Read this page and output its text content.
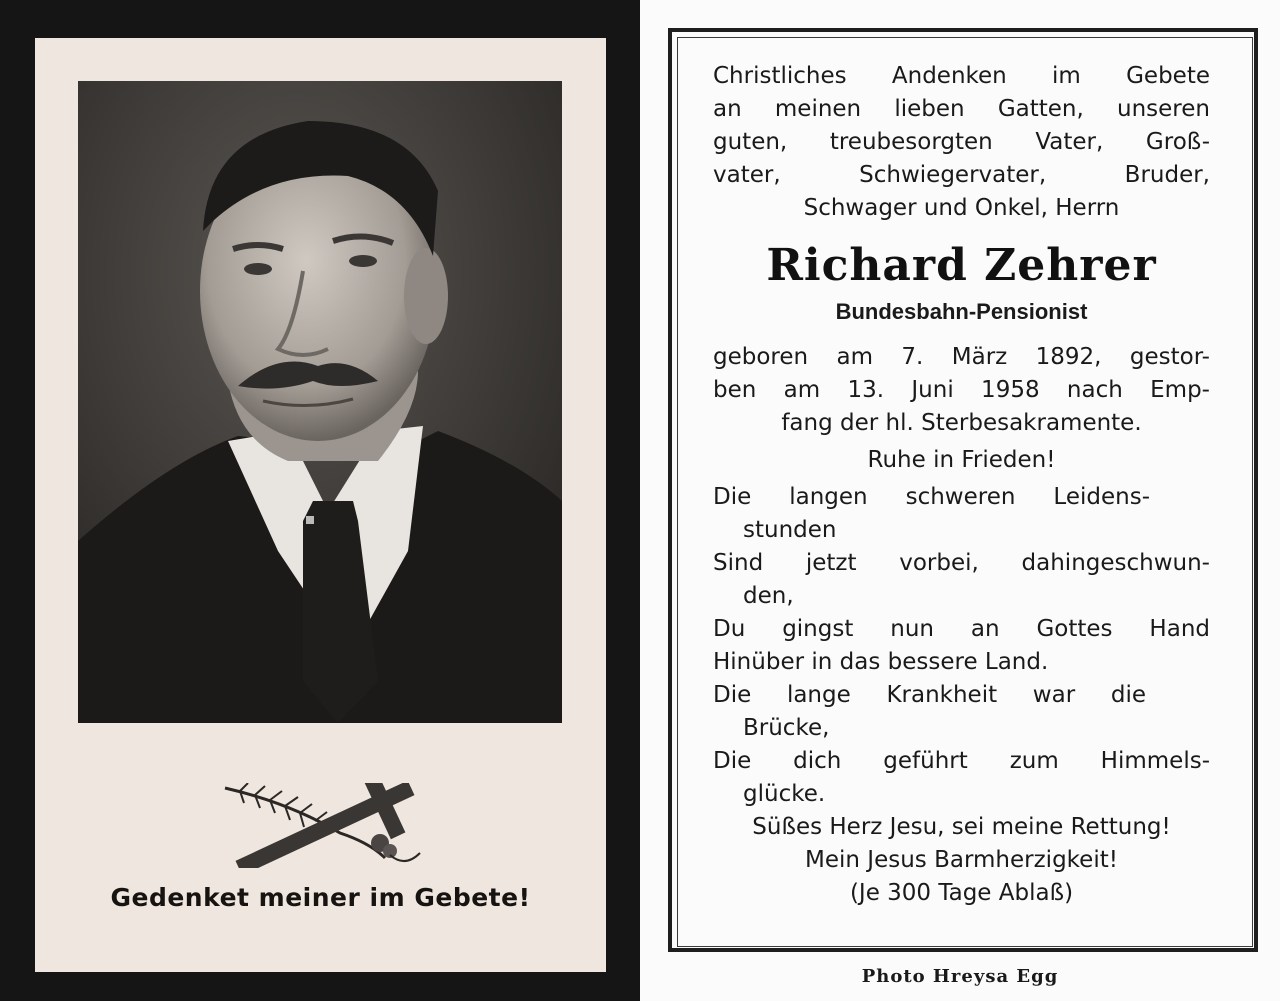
Gedenket meiner im Gebete!
Christliches Andenken im Gebete
an meinen lieben Gatten, unseren
guten, treubesorgten Vater, Groß-
vater, Schwiegervater, Bruder,
Schwager und Onkel, Herrn
Richard Zehrer
Bundesbahn-Pensionist
geboren am 7. März 1892, gestor-
ben am 13. Juni 1958 nach Emp-
fang der hl. Sterbesakramente.
Ruhe in Frieden!
Die langen schweren Leidens-
stunden
Sind jetzt vorbei, dahingeschwun-
den,
Du gingst nun an Gottes Hand
Hinüber in das bessere Land.
Die lange Krankheit war die
Brücke,
Die dich geführt zum Himmels-
glücke.
Süßes Herz Jesu, sei meine Rettung!
Mein Jesus Barmherzigkeit!
(Je 300 Tage Ablaß)
Photo Hreysa Egg
